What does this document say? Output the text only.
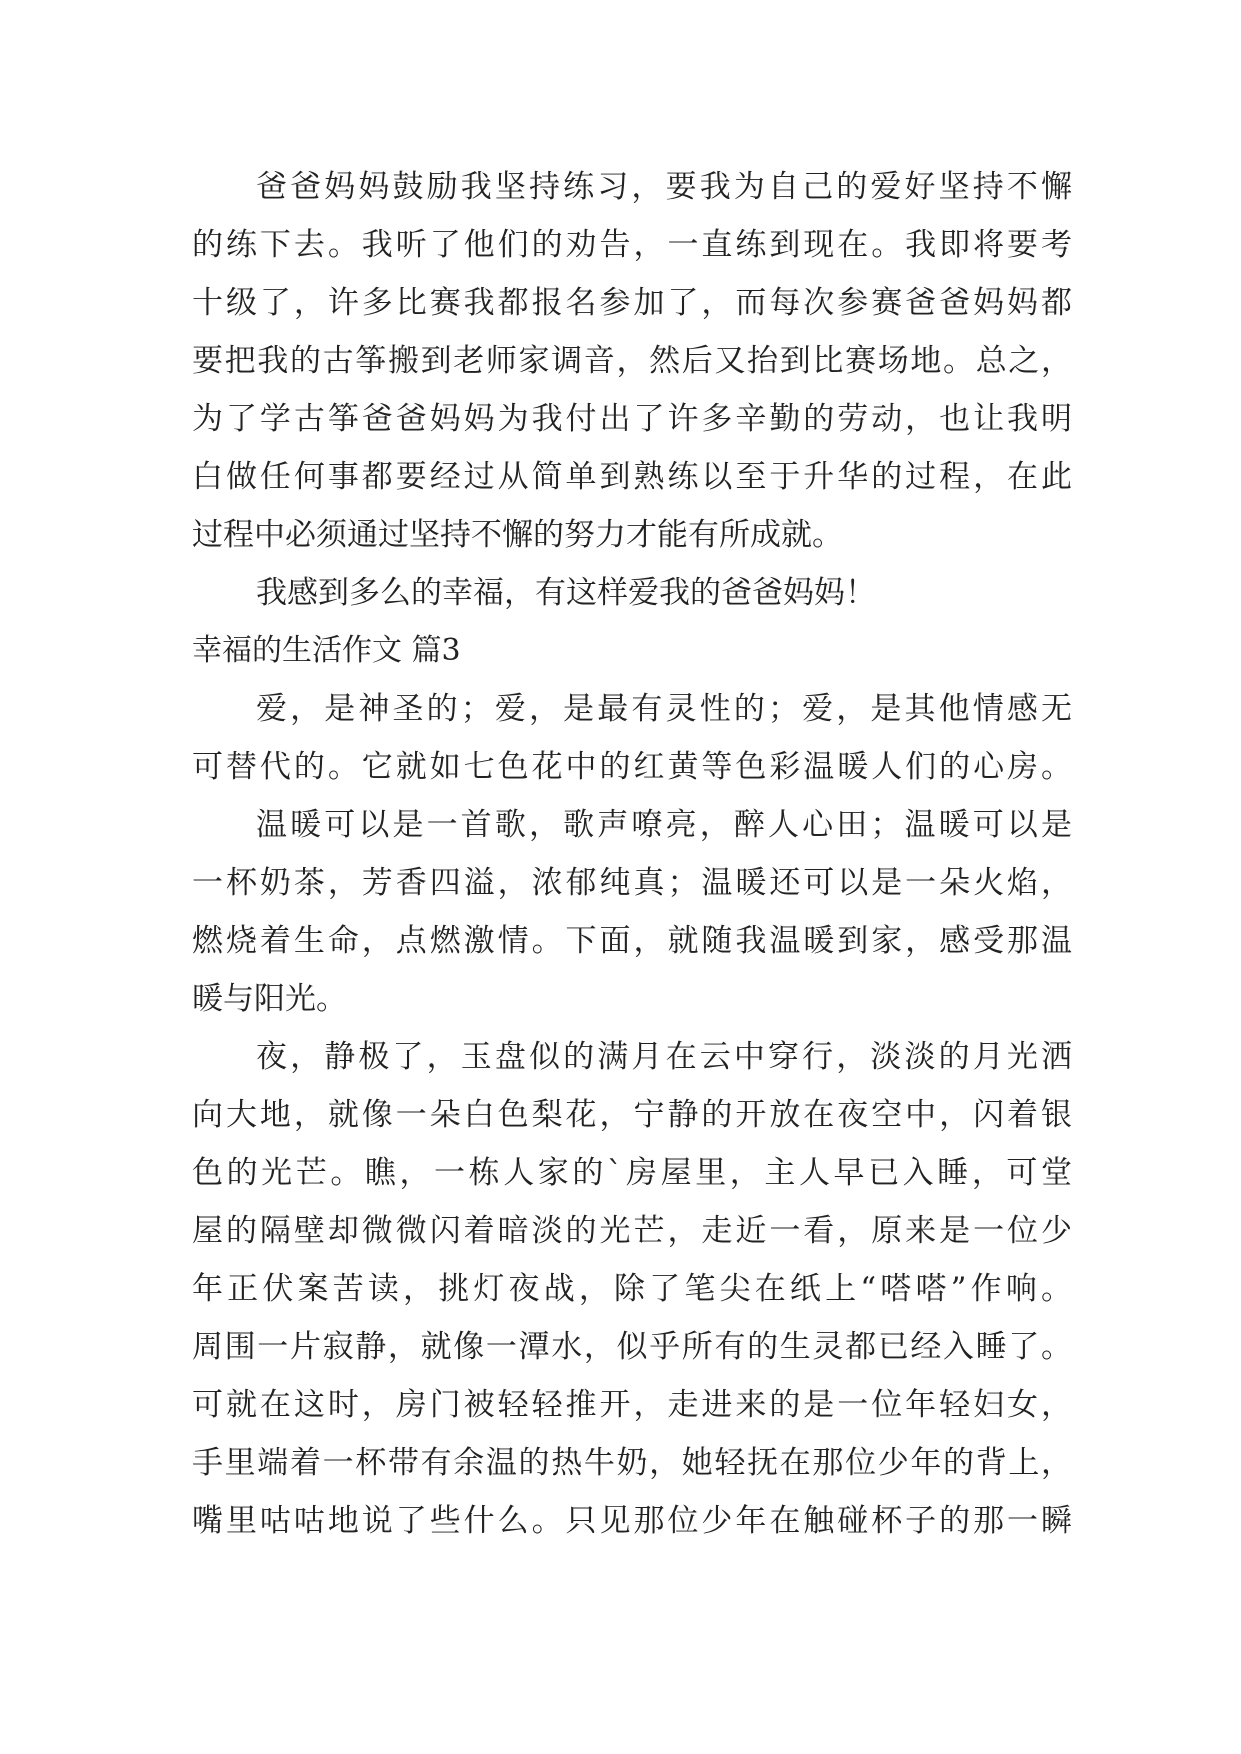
爸爸妈妈鼓励我坚持练习，要我为自己的爱好坚持不懈
的练下去。我听了他们的劝告，一直练到现在。我即将要考
十级了，许多比赛我都报名参加了，而每次参赛爸爸妈妈都
要把我的古筝搬到老师家调音，然后又抬到比赛场地。总之，
为了学古筝爸爸妈妈为我付出了许多辛勤的劳动，也让我明
白做任何事都要经过从简单到熟练以至于升华的过程，在此
过程中必须通过坚持不懈的努力才能有所成就。
我感到多么的幸福，有这样爱我的爸爸妈妈！
幸福的生活作文 篇3
爱，是神圣的；爱，是最有灵性的；爱，是其他情感无
可替代的。它就如七色花中的红黄等色彩温暖人们的心房。
温暖可以是一首歌，歌声嘹亮，醉人心田；温暖可以是
一杯奶茶，芳香四溢，浓郁纯真；温暖还可以是一朵火焰，
燃烧着生命，点燃激情。下面，就随我温暖到家，感受那温
暖与阳光。
夜，静极了，玉盘似的满月在云中穿行，淡淡的月光洒
向大地，就像一朵白色梨花，宁静的开放在夜空中，闪着银
色的光芒。瞧，一栋人家的`房屋里，主人早已入睡，可堂
屋的隔壁却微微闪着暗淡的光芒，走近一看，原来是一位少
年正伏案苦读，挑灯夜战，除了笔尖在纸上“嗒嗒”作响。
周围一片寂静，就像一潭水，似乎所有的生灵都已经入睡了。
可就在这时，房门被轻轻推开，走进来的是一位年轻妇女，
手里端着一杯带有余温的热牛奶，她轻抚在那位少年的背上，
嘴里咕咕地说了些什么。只见那位少年在触碰杯子的那一瞬
